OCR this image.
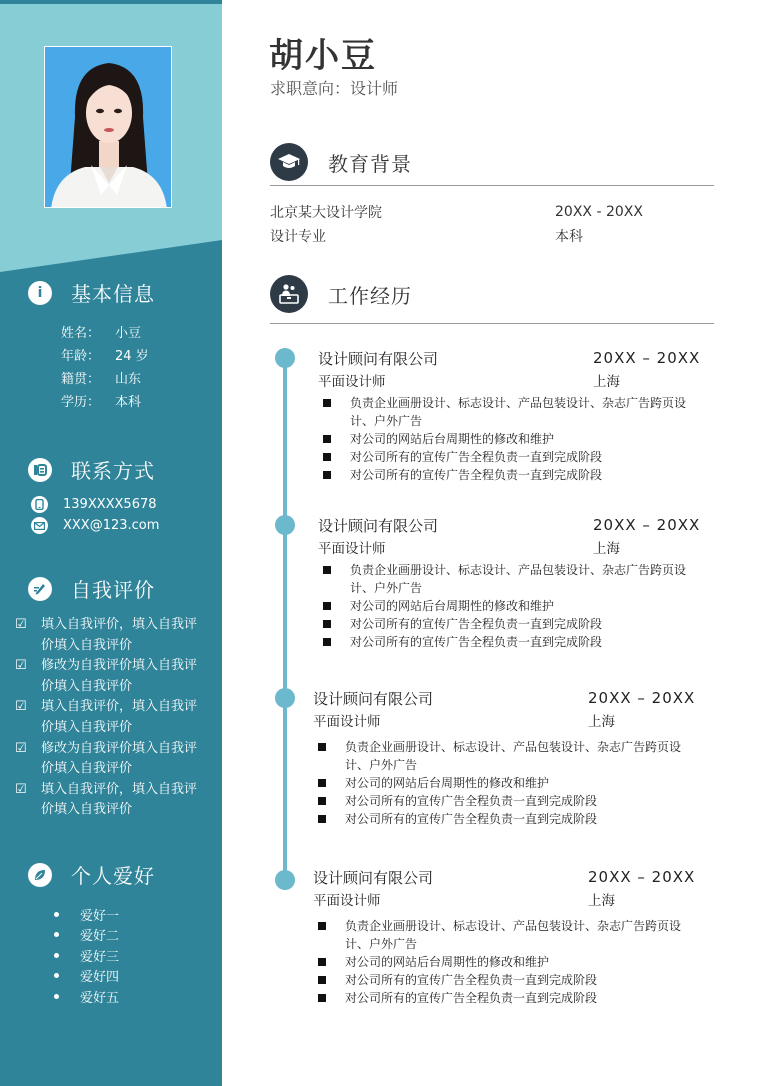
i	基本信息
姓名：	小豆
年龄：	24 岁
籍贯：	山东
学历：	本科
联系方式
139XXXX5678
XXX@123.com
自我评价
☑	填入自我评价，填入自我评价填入自我评价
☑	修改为自我评价填入自我评价填入自我评价
☑	填入自我评价，填入自我评价填入自我评价
☑	修改为自我评价填入自我评价填入自我评价
☑	填入自我评价，填入自我评价填入自我评价
个人爱好
爱好一
爱好二
爱好三
爱好四
爱好五
胡小豆
求职意向：设计师
教育背景
北京某大设计学院	20XX - 20XX
设计专业	本科
工作经历
设计顾问有限公司	20XX – 20XX
平面设计师	上海
负责企业画册设计、标志设计、产品包装设计、杂志广告跨页设计、户外广告
对公司的网站后台周期性的修改和维护
对公司所有的宣传广告全程负责一直到完成阶段
对公司所有的宣传广告全程负责一直到完成阶段
设计顾问有限公司	20XX – 20XX
平面设计师	上海
负责企业画册设计、标志设计、产品包装设计、杂志广告跨页设计、户外广告
对公司的网站后台周期性的修改和维护
对公司所有的宣传广告全程负责一直到完成阶段
对公司所有的宣传广告全程负责一直到完成阶段
设计顾问有限公司	20XX – 20XX
平面设计师	上海
负责企业画册设计、标志设计、产品包装设计、杂志广告跨页设计、户外广告
对公司的网站后台周期性的修改和维护
对公司所有的宣传广告全程负责一直到完成阶段
对公司所有的宣传广告全程负责一直到完成阶段
设计顾问有限公司	20XX – 20XX
平面设计师	上海
负责企业画册设计、标志设计、产品包装设计、杂志广告跨页设计、户外广告
对公司的网站后台周期性的修改和维护
对公司所有的宣传广告全程负责一直到完成阶段
对公司所有的宣传广告全程负责一直到完成阶段
